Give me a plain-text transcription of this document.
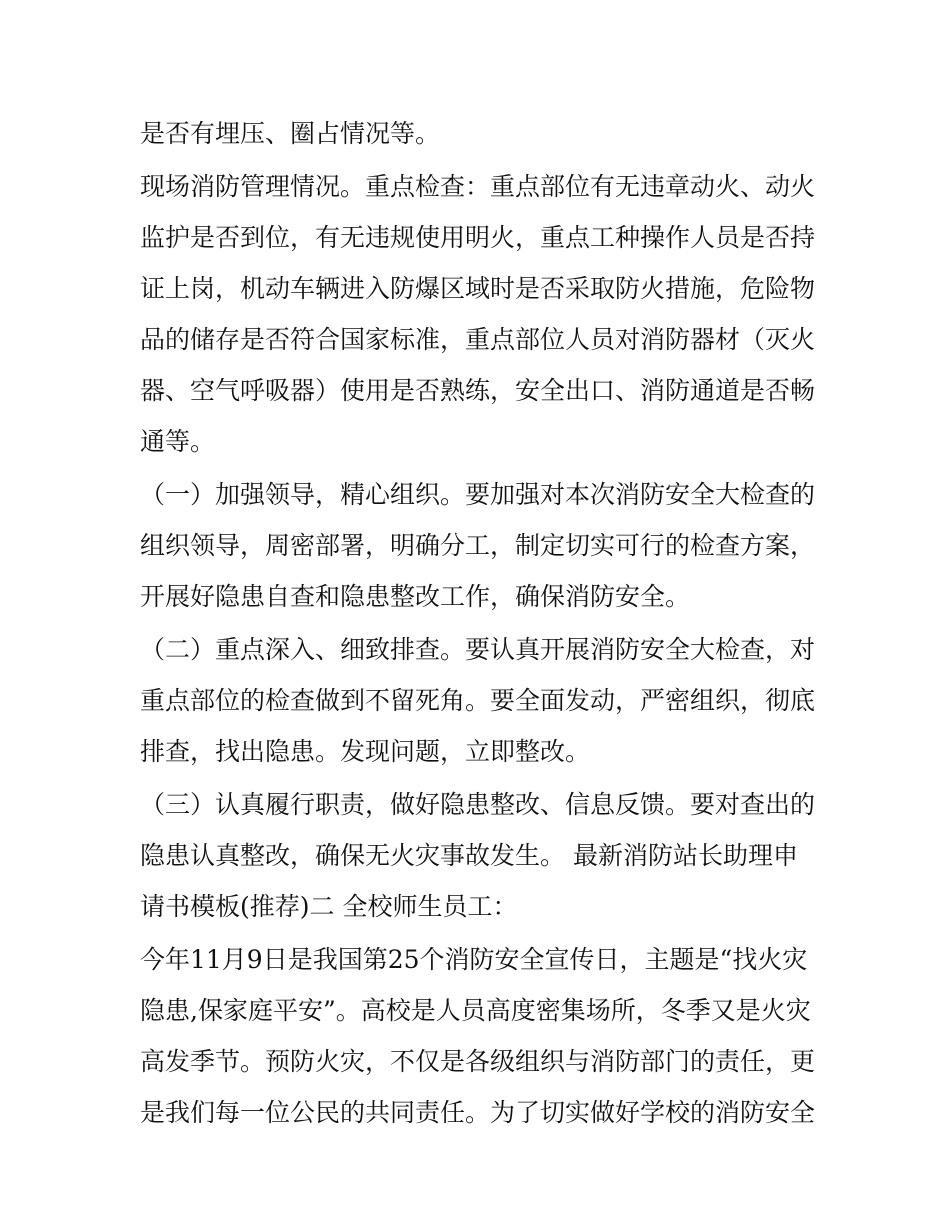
是否有埋压、圈占情况等。
现场消防管理情况。重点检查：重点部位有无违章动火、动火
监护是否到位，有无违规使用明火，重点工种操作人员是否持
证上岗，机动车辆进入防爆区域时是否采取防火措施，危险物
品的储存是否符合国家标准，重点部位人员对消防器材（灭火
器、空气呼吸器）使用是否熟练，安全出口、消防通道是否畅
通等。
（一）加强领导，精心组织。要加强对本次消防安全大检查的
组织领导，周密部署，明确分工，制定切实可行的检查方案，
开展好隐患自查和隐患整改工作，确保消防安全。
（二）重点深入、细致排查。要认真开展消防安全大检查，对
重点部位的检查做到不留死角。要全面发动，严密组织，彻底
排查，找出隐患。发现问题，立即整改。
（三）认真履行职责，做好隐患整改、信息反馈。要对查出的
隐患认真整改，确保无火灾事故发生。 最新消防站长助理申
请书模板(推荐)二 全校师生员工：
今年11月9日是我国第25个消防安全宣传日，主题是“找火灾
隐患,保家庭平安”。高校是人员高度密集场所，冬季又是火灾
高发季节。预防火灾，不仅是各级组织与消防部门的责任，更
是我们每一位公民的共同责任。为了切实做好学校的消防安全
